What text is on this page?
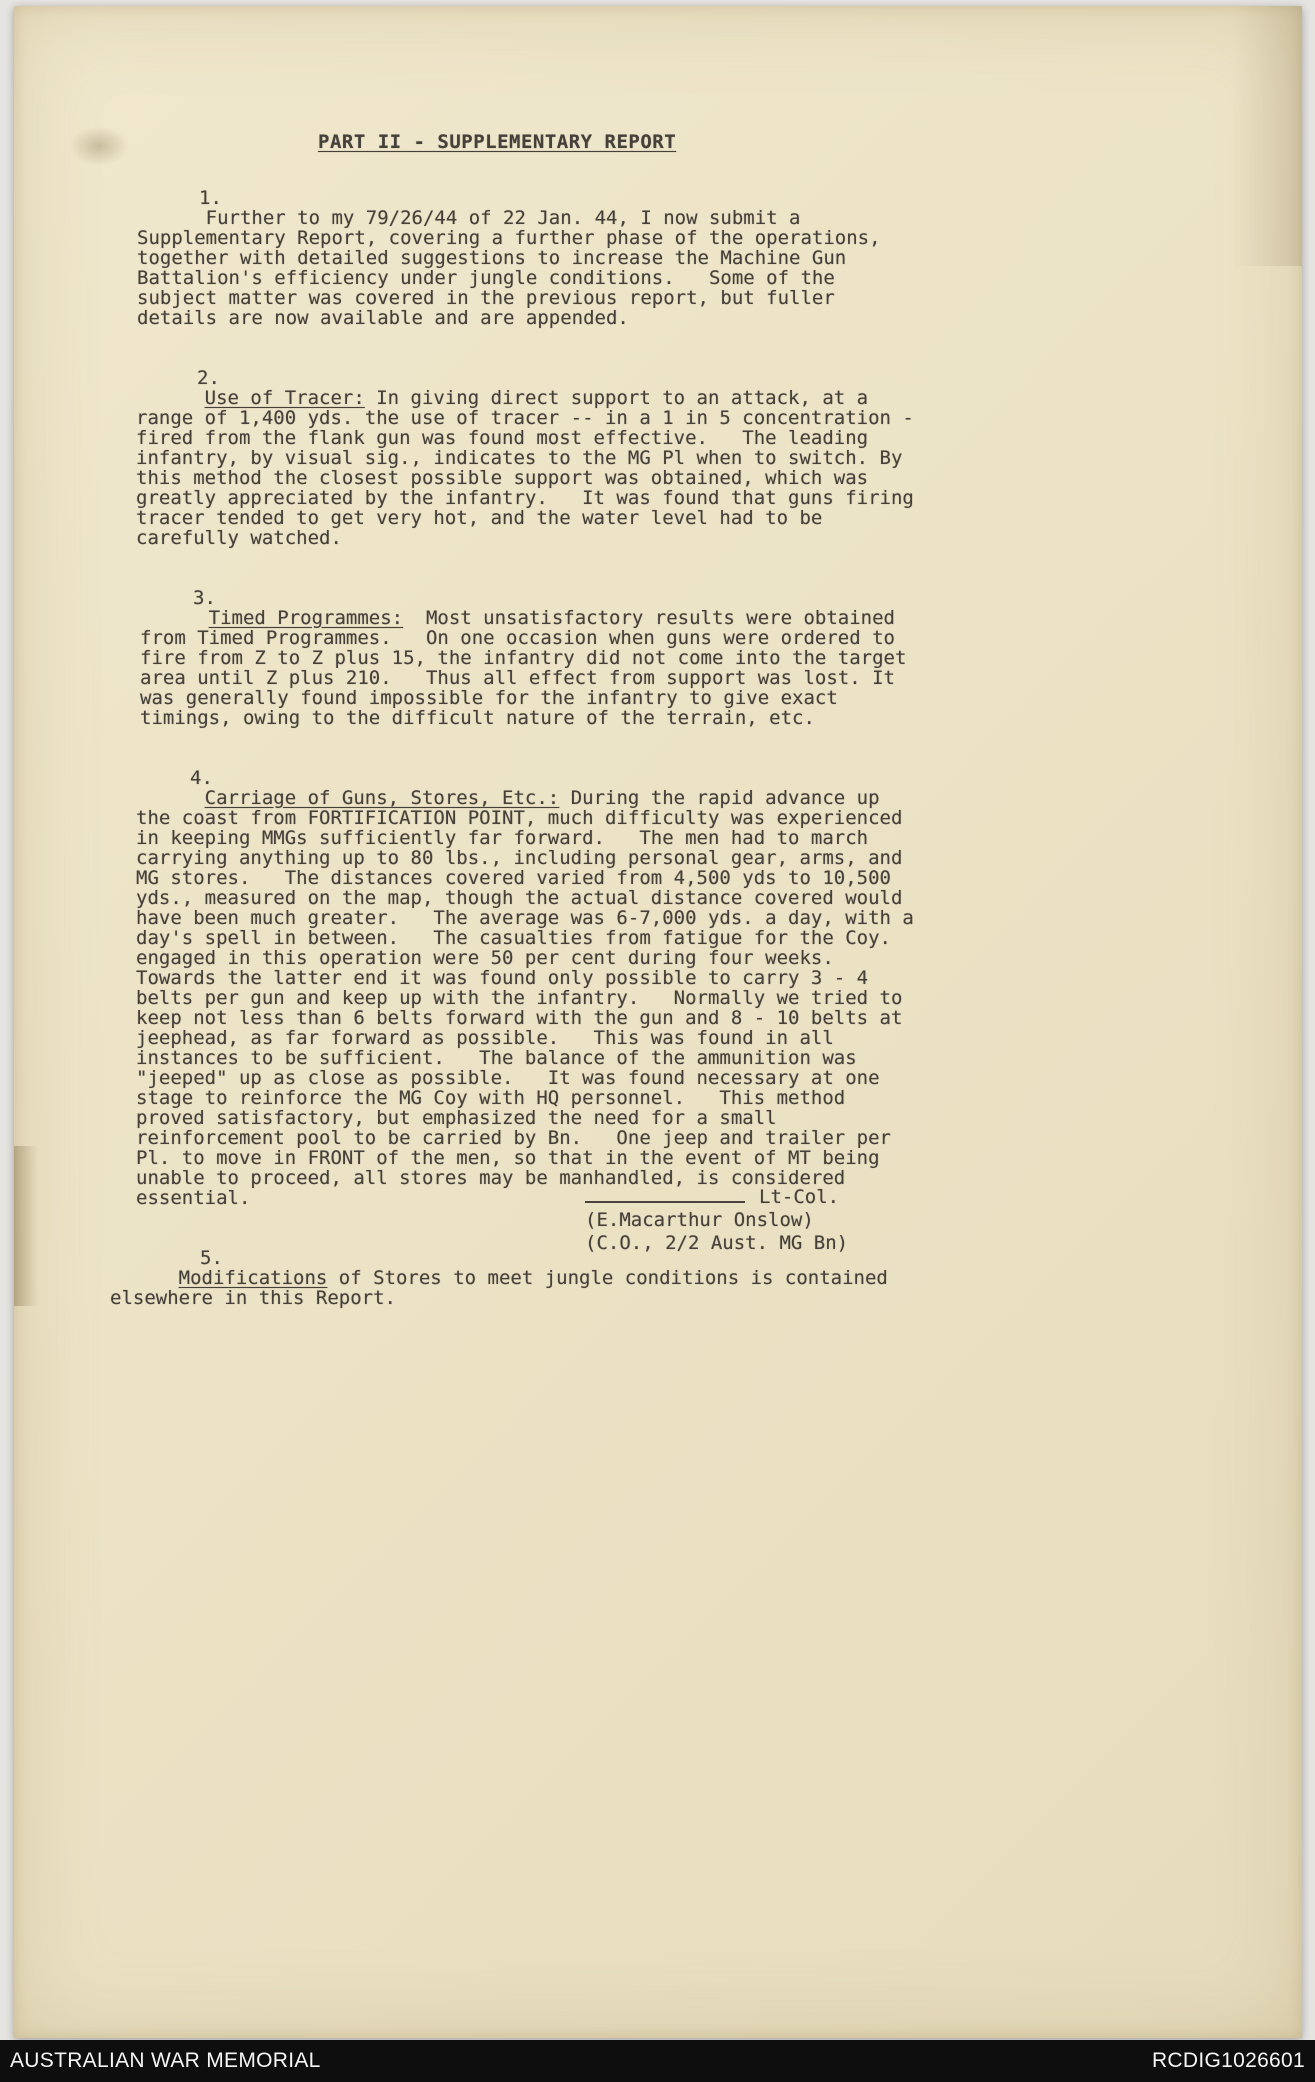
PART II - SUPPLEMENTARY REPORT

1.
Further to my 79/26/44 of 22 Jan. 44, I now submit a Supplementary Report, covering a further phase of the operations, together with detailed suggestions to increase the Machine Gun Battalion's efficiency under jungle conditions.   Some of the subject matter was covered in the previous report, but fuller details are now available and are appended.

2.
Use of Tracer: In giving direct support to an attack, at a range of 1,400 yds. the use of tracer -- in a 1 in 5 concentration - fired from the flank gun was found most effective.   The leading infantry, by visual sig., indicates to the MG Pl when to switch. By this method the closest possible support was obtained, which was greatly appreciated by the infantry.   It was found that guns firing tracer tended to get very hot, and the water level had to be carefully watched.

3.
Timed Programmes:  Most unsatisfactory results were obtained from Timed Programmes.   On one occasion when guns were ordered to fire from Z to Z plus 15, the infantry did not come into the target area until Z plus 210.   Thus all effect from support was lost. It was generally found impossible for the infantry to give exact timings, owing to the difficult nature of the terrain, etc.

4.
Carriage of Guns, Stores, Etc.: During the rapid advance up the coast from FORTIFICATION POINT, much difficulty was experienced in keeping MMGs sufficiently far forward.   The men had to march carrying anything up to 80 lbs., including personal gear, arms, and MG stores.   The distances covered varied from 4,500 yds to 10,500 yds., measured on the map, though the actual distance covered would have been much greater.   The average was 6-7,000 yds. a day, with a day's spell in between.   The casualties from fatigue for the Coy. engaged in this operation were 50 per cent during four weeks. Towards the latter end it was found only possible to carry 3 - 4 belts per gun and keep up with the infantry.   Normally we tried to keep not less than 6 belts forward with the gun and 8 - 10 belts at jeephead, as far forward as possible.   This was found in all instances to be sufficient.   The balance of the ammunition was "jeeped" up as close as possible.   It was found necessary at one stage to reinforce the MG Coy with HQ personnel.   This method proved satisfactory, but emphasized the need for a small reinforcement pool to be carried by Bn.   One jeep and trailer per Pl. to move in FRONT of the men, so that in the event of MT being unable to proceed, all stores may be manhandled, is considered essential.

5.
Modifications of Stores to meet jungle conditions is contained elsewhere in this Report.

Lt-Col.
(E.Macarthur Onslow)
(C.O., 2/2 Aust. MG Bn)
AUSTRALIAN WAR MEMORIAL	RCDIG1026601
